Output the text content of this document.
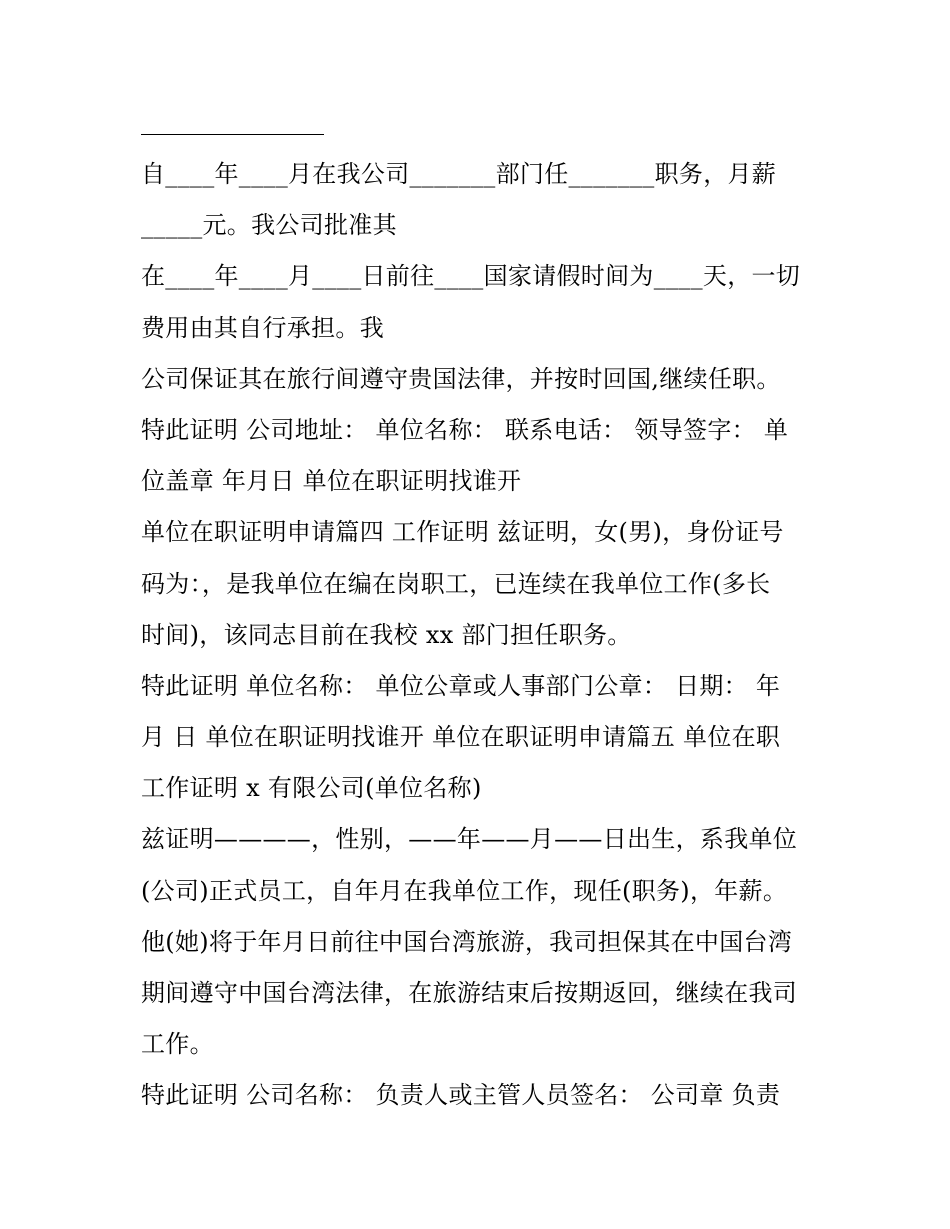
自____年____月在我公司_______部门任_______职务，月薪
_____元。我公司批准其
在____年____月____日前往____国家请假时间为____天，一切
费用由其自行承担。我
公司保证其在旅行间遵守贵国法律，并按时回国,继续任职。
特此证明 公司地址： 单位名称： 联系电话： 领导签字： 单
位盖章 年月日 单位在职证明找谁开
单位在职证明申请篇四 工作证明 兹证明，女(男)，身份证号
码为：，是我单位在编在岗职工，已连续在我单位工作(多长
时间)，该同志目前在我校 xx 部门担任职务。
特此证明 单位名称： 单位公章或人事部门公章： 日期： 年
月 日 单位在职证明找谁开 单位在职证明申请篇五 单位在职
工作证明 x 有限公司(单位名称)
兹证明————，性别，——年——月——日出生，系我单位
(公司)正式员工，自年月在我单位工作，现任(职务)，年薪。
他(她)将于年月日前往中国台湾旅游，我司担保其在中国台湾
期间遵守中国台湾法律，在旅游结束后按期返回，继续在我司
工作。
特此证明 公司名称： 负责人或主管人员签名： 公司章 负责
